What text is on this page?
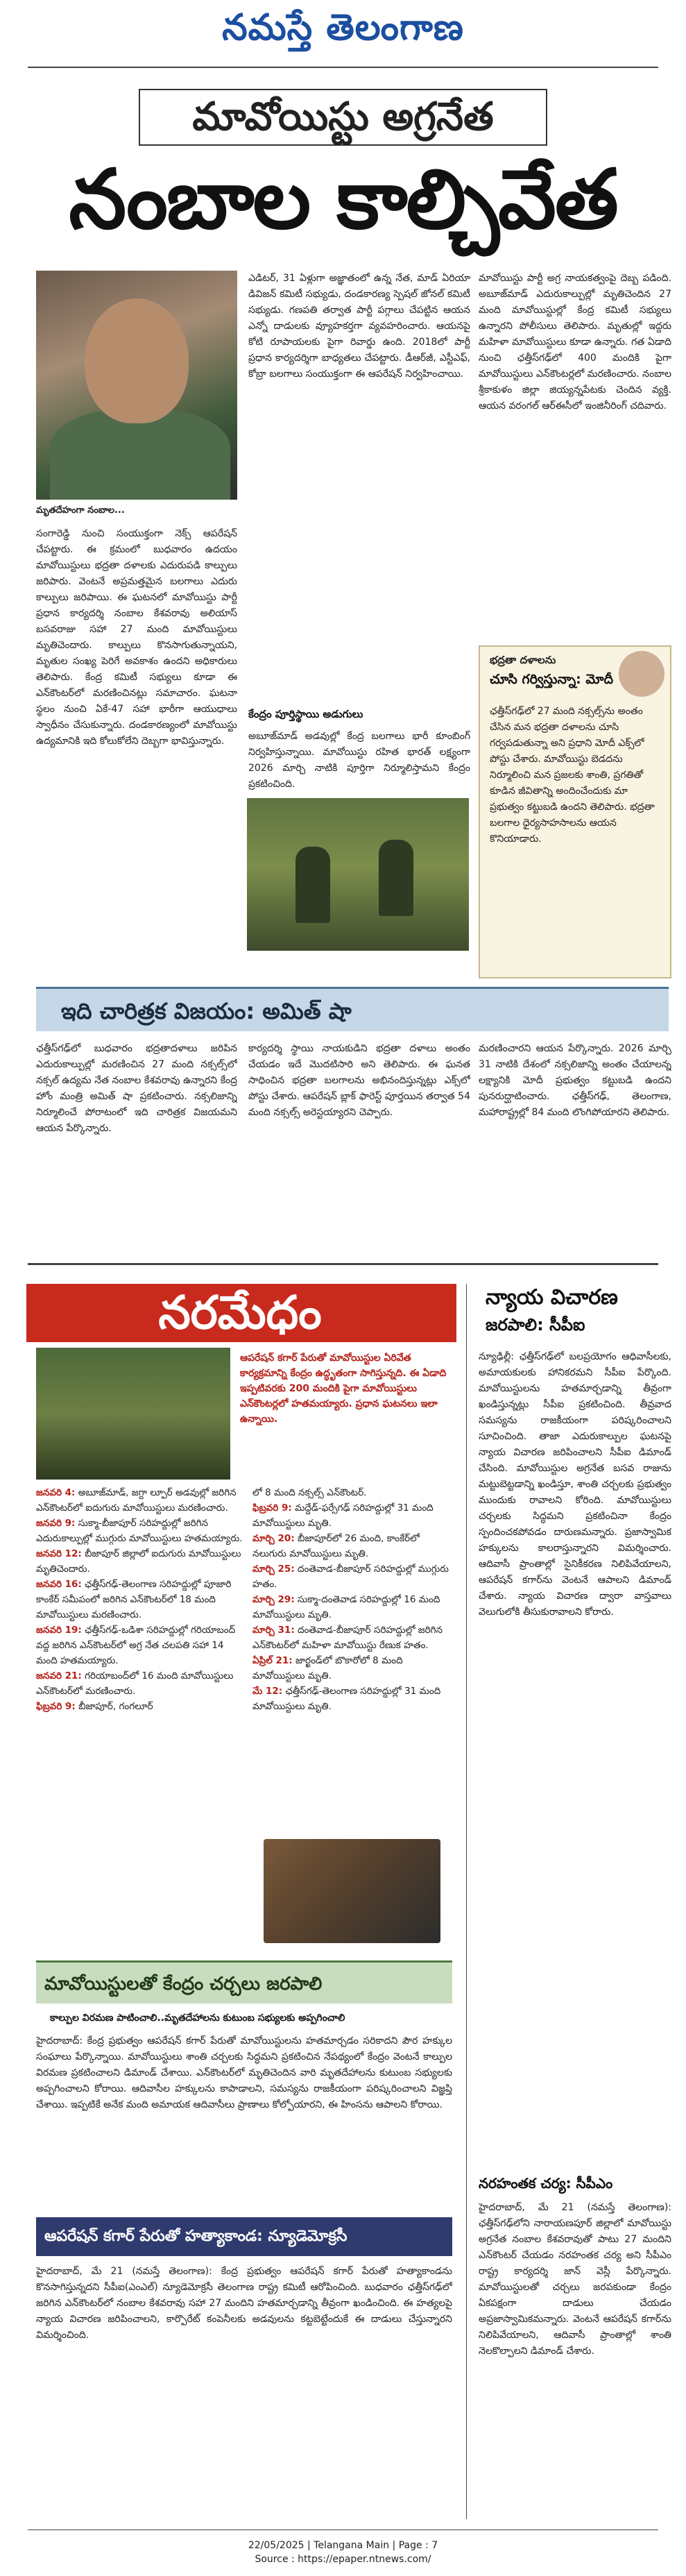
నమస్తే తెలంగాణ
మావోయిస్టు అగ్రనేత
నంబాల కాల్చివేత
మృతదేహంగా నంబాల...
సంగారెడ్డి నుంచి సంయుక్తంగా నెక్స్ ఆపరేషన్ చేపట్టారు. ఈ క్రమంలో బుధవారం ఉదయం మావోయిస్టులు భద్రతా దళాలకు ఎదురుపడి కాల్పులు జరిపారు. వెంటనే అప్రమత్తమైన బలగాలు ఎదురు కాల్పులు జరిపాయి. ఈ ఘటనలో మావోయిస్టు పార్టీ ప్రధాన కార్యదర్శి నంబాల కేశవరావు అలియాస్ బసవరాజు సహా 27 మంది మావోయిస్టులు మృతిచెందారు. కాల్పులు కొనసాగుతున్నాయని, మృతుల సంఖ్య పెరిగే అవకాశం ఉందని అధికారులు తెలిపారు. కేంద్ర కమిటీ సభ్యులు కూడా ఈ ఎన్‌కౌంటర్‌లో మరణించినట్లు సమాచారం. ఘటనా స్థలం నుంచి ఏకే-47 సహా భారీగా ఆయుధాలు స్వాధీనం చేసుకున్నారు. దండకారణ్యంలో మావోయిస్టు ఉద్యమానికి ఇది కోలుకోలేని దెబ్బగా భావిస్తున్నారు.
ఎడిటర్, 31 ఏళ్లుగా అజ్ఞాతంలో ఉన్న నేత, మాడ్ ఏరియా డివిజన్ కమిటీ సభ్యుడు, దండకారణ్య స్పెషల్ జోనల్ కమిటీ సభ్యుడు. గణపతి తర్వాత పార్టీ పగ్గాలు చేపట్టిన ఆయన ఎన్నో దాడులకు వ్యూహకర్తగా వ్యవహరించారు. ఆయనపై కోటి రూపాయలకు పైగా రివార్డు ఉంది. 2018లో పార్టీ ప్రధాన కార్యదర్శిగా బాధ్యతలు చేపట్టారు. డీఆర్‌జీ, ఎస్టీఎఫ్, కోబ్రా బలగాలు సంయుక్తంగా ఈ ఆపరేషన్‌ నిర్వహించాయి.
కేంద్రం పూర్తిస్థాయి అడుగులు
అబూజ్‌మాడ్ అడవుల్లో కేంద్ర బలగాలు భారీ కూంబింగ్ నిర్వహిస్తున్నాయి. మావోయిస్టు రహిత భారత్ లక్ష్యంగా 2026 మార్చి నాటికి పూర్తిగా నిర్మూలిస్తామని కేంద్రం ప్రకటించింది.
మావోయిస్టు పార్టీ అగ్ర నాయకత్వంపై దెబ్బ పడింది. అబూజ్‌మాడ్ ఎదురుకాల్పుల్లో మృతిచెందిన 27 మంది మావోయిస్టుల్లో కేంద్ర కమిటీ సభ్యులు ఉన్నారని పోలీసులు తెలిపారు. మృతుల్లో ఇద్దరు మహిళా మావోయిస్టులు కూడా ఉన్నారు. గత ఏడాది నుంచి ఛత్తీస్‌గఢ్‌లో 400 మందికి పైగా మావోయిస్టులు ఎన్‌కౌంటర్లలో మరణించారు. నంబాల శ్రీకాకుళం జిల్లా జియ్యన్నపేటకు చెందిన వ్యక్తి. ఆయన వరంగల్ ఆర్ఈసీలో ఇంజినీరింగ్ చదివారు.
భద్రతా దళాలను
చూసి గర్విస్తున్నా: మోదీ
ఛత్తీస్‌గఢ్‌లో 27 మంది నక్సల్స్‌ను అంతం చేసిన మన భద్రతా దళాలను చూసి గర్వపడుతున్నా అని ప్రధాని మోదీ ఎక్స్‌లో పోస్టు చేశారు. మావోయిస్టు బెడదను నిర్మూలించి మన ప్రజలకు శాంతి, ప్రగతితో కూడిన జీవితాన్ని అందించేందుకు మా ప్రభుత్వం కట్టుబడి ఉందని తెలిపారు. భద్రతా బలగాల ధైర్యసాహసాలను ఆయన కొనియాడారు.
ఇది చారిత్రక విజయం: అమిత్ షా
ఛత్తీస్‌గఢ్‌లో బుధవారం భద్రతాదళాలు జరిపిన ఎదురుకాల్పుల్లో మరణించిన 27 మంది నక్సల్స్‌లో నక్సల్ ఉద్యమ నేత నంబాల కేశవరావు ఉన్నారని కేంద్ర హోం మంత్రి అమిత్ షా ప్రకటించారు. నక్సలిజాన్ని నిర్మూలించే పోరాటంలో ఇది చారిత్రక విజయమని ఆయన పేర్కొన్నారు.
కార్యదర్శి స్థాయి నాయకుడిని భద్రతా దళాలు అంతం చేయడం ఇదే మొదటిసారి అని తెలిపారు. ఈ ఘనత సాధించిన భద్రతా బలగాలను అభినందిస్తున్నట్లు ఎక్స్‌లో పోస్టు చేశారు. ఆపరేషన్ బ్లాక్ ఫారెస్ట్ పూర్తయిన తర్వాత 54 మంది నక్సల్స్ అరెస్టయ్యారని చెప్పారు.
మరణించారని ఆయన పేర్కొన్నారు. 2026 మార్చి 31 నాటికి దేశంలో నక్సలిజాన్ని అంతం చేయాలన్న లక్ష్యానికి మోదీ ప్రభుత్వం కట్టుబడి ఉందని పునరుద్ఘాటించారు. ఛత్తీస్‌గఢ్, తెలంగాణ, మహారాష్ట్రల్లో 84 మంది లొంగిపోయారని తెలిపారు.
నరమేధం
ఆపరేషన్ కగార్ పేరుతో మావోయిస్టుల ఏరివేత కార్యక్రమాన్ని కేంద్రం ఉద్ధృతంగా సాగిస్తున్నది. ఈ ఏడాది ఇప్పటివరకు 200 మందికి పైగా మావోయిస్టులు ఎన్‌కౌంటర్లలో హతమయ్యారు. ప్రధాన ఘటనలు ఇలా ఉన్నాయి.

జనవరి 4: అబూజ్‌మాడ్, జగ్దా ల్పూర్‌ అడవుల్లో జరిగిన ఎన్‌కౌంటర్‌లో ఐదుగురు మావోయిస్టులు మరణించారు.

జనవరి 9: సుక్మా-బీజాపూర్ సరిహద్దుల్లో జరిగిన ఎదురుకాల్పుల్లో ముగ్గురు మావోయిస్టులు హతమయ్యారు.

జనవరి 12: బీజాపూర్ జిల్లాలో ఐదుగురు మావోయిస్టులు మృతిచెందారు.

జనవరి 16: ఛత్తీస్‌గఢ్-తెలంగాణ సరిహద్దుల్లో పూజారి కాంకేర్ సమీపంలో జరిగిన ఎన్‌కౌంటర్‌లో 18 మంది మావోయిస్టులు మరణించారు.

జనవరి 19: ఛత్తీస్‌గఢ్-ఒడిశా సరిహద్దుల్లో గరియాబంద్ వద్ద జరిగిన ఎన్‌కౌంటర్‌లో అగ్ర నేత చలపతి సహా 14 మంది హతమయ్యారు.

జనవరి 21: గరియాబంద్‌లో 16 మంది మావోయిస్టులు ఎన్‌కౌంటర్‌లో మరణించారు.

ఫిబ్రవరి 9: బీజాపూర్, గంగలూర్

లో 8 మంది నక్సల్స్ ఎన్‌కౌంటర్.

ఫిబ్రవరి 9: మద్దేడ్-ఫర్సేగఢ్ సరిహద్దుల్లో 31 మంది మావోయిస్టులు మృతి.

మార్చి 20: బీజాపూర్‌లో 26 మంది, కాంకేర్‌లో నలుగురు మావోయిస్టులు మృతి.

మార్చి 25: దంతెవాడ-బీజాపూర్ సరిహద్దుల్లో ముగ్గురు హతం.

మార్చి 29: సుక్మా-దంతెవాడ సరిహద్దుల్లో 16 మంది మావోయిస్టులు మృతి.

మార్చి 31: దంతెవాడ-బీజాపూర్ సరిహద్దుల్లో జరిగిన ఎన్‌కౌంటర్‌లో మహిళా మావోయిస్టు రేణుక హతం.

ఏప్రిల్ 21: జార్ఖండ్‌లో బొకారోలో 8 మంది మావోయిస్టులు మృతి.

మే 12: ఛత్తీస్‌గఢ్-తెలంగాణ సరిహద్దుల్లో 31 మంది మావోయిస్టులు మృతి.

న్యాయ విచారణ
జరపాలి: సీపీఐ
న్యూఢిల్లీ: ఛత్తీస్‌గఢ్‌లో బలప్రయోగం ఆధివాసీలకు, అమాయకులకు హానికరమని సీపీఐ పేర్కొంది. మావోయిస్టులను హతమార్చడాన్ని తీవ్రంగా ఖండిస్తున్నట్లు సీపీఐ ప్రకటించింది. తీవ్రవాద సమస్యను రాజకీయంగా పరిష్కరించాలని సూచించింది. తాజా ఎదురుకాల్పుల ఘటనపై న్యాయ విచారణ జరిపించాలని సీపీఐ డిమాండ్ చేసింది. మావోయిస్టుల అగ్రనేత బసవ రాజును మట్టుబెట్టడాన్ని ఖండిస్తూ, శాంతి చర్చలకు ప్రభుత్వం ముందుకు రావాలని కోరింది. మావోయిస్టులు చర్చలకు సిద్ధమని ప్రకటించినా కేంద్రం స్పందించకపోవడం దారుణమన్నారు. ప్రజాస్వామిక హక్కులను కాలరాస్తున్నారని విమర్శించారు. ఆదివాసీ ప్రాంతాల్లో సైనికీకరణ నిలిపివేయాలని, ఆపరేషన్ కగార్‌ను వెంటనే ఆపాలని డిమాండ్ చేశారు. న్యాయ విచారణ ద్వారా వాస్తవాలు వెలుగులోకి తీసుకురావాలని కోరారు.
మావోయిస్టులతో కేంద్రం చర్చలు జరపాలి
కాల్పుల విరమణ పాటించాలి..మృతదేహాలను కుటుంబ సభ్యులకు అప్పగించాలి
హైదరాబాద్‌: కేంద్ర ప్రభుత్వం ఆపరేషన్ కగార్ పేరుతో మావోయిస్టులను హతమార్చడం సరికాదని పౌర హక్కుల సంఘాలు పేర్కొన్నాయి. మావోయిస్టులు శాంతి చర్చలకు సిద్ధమని ప్రకటించిన నేపథ్యంలో కేంద్రం వెంటనే కాల్పుల విరమణ ప్రకటించాలని డిమాండ్ చేశాయి. ఎన్‌కౌంటర్‌లో మృతిచెందిన వారి మృతదేహాలను కుటుంబ సభ్యులకు అప్పగించాలని కోరాయి. ఆదివాసీల హక్కులను కాపాడాలని, సమస్యను రాజకీయంగా పరిష్కరించాలని విజ్ఞప్తి చేశాయి. ఇప్పటికే అనేక మంది అమాయక ఆదివాసీలు ప్రాణాలు కోల్పోయారని, ఈ హింసను ఆపాలని కోరాయి.
ఆపరేషన్ కగార్ పేరుతో హత్యాకాండ: న్యూడెమోక్రసీ
హైదరాబాద్, మే 21 (నమస్తే తెలంగాణ): కేంద్ర ప్రభుత్వం ఆపరేషన్ కగార్ పేరుతో హత్యాకాండను కొనసాగిస్తున్నదని సీపీఐ(ఎంఎల్) న్యూడెమోక్రసీ తెలంగాణ రాష్ట్ర కమిటీ ఆరోపించింది. బుధవారం ఛత్తీస్‌గఢ్‌లో జరిగిన ఎన్‌కౌంటర్‌లో నంబాల కేశవరావు సహా 27 మందిని హతమార్చడాన్ని తీవ్రంగా ఖండించింది. ఈ హత్యలపై న్యాయ విచారణ జరిపించాలని, కార్పొరేట్ కంపెనీలకు అడవులను కట్టబెట్టేందుకే ఈ దాడులు చేస్తున్నారని విమర్శించింది.
నరహంతక చర్య: సీపీఎం
హైదరాబాద్, మే 21 (నమస్తే తెలంగాణ): ఛత్తీస్‌గఢ్‌లోని నారాయణపూర్ జిల్లాలో మావోయిస్టు అగ్రనేత నంబాల కేశవరావుతో పాటు 27 మందిని ఎన్‌కౌంటర్ చేయడం నరహంతక చర్య అని సీపీఎం రాష్ట్ర కార్యదర్శి జాన్ వెస్లీ పేర్కొన్నారు. మావోయిస్టులతో చర్చలు జరపకుండా కేంద్రం ఏకపక్షంగా దాడులు చేయడం అప్రజాస్వామికమన్నారు. వెంటనే ఆపరేషన్ కగార్‌ను నిలిపివేయాలని, ఆదివాసీ ప్రాంతాల్లో శాంతి నెలకొల్పాలని డిమాండ్ చేశారు.
22/05/2025 | Telangana Main | Page : 7
Source : https://epaper.ntnews.com/
